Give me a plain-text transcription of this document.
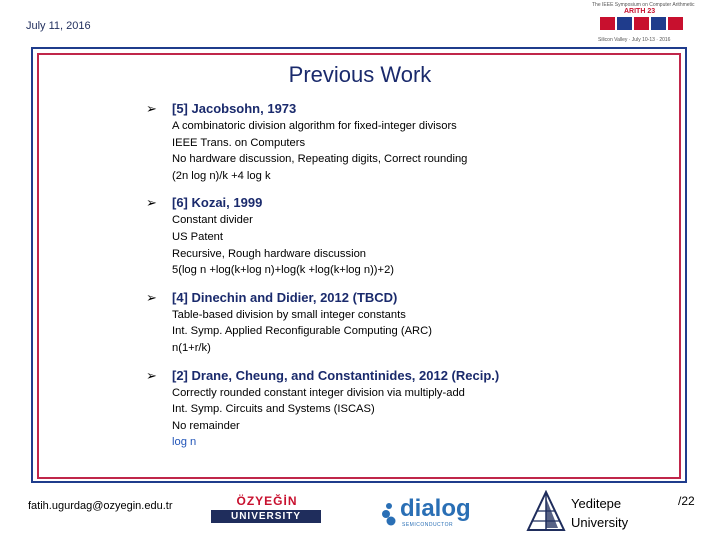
July 11, 2016
The IEEE Symposium on Computer Arithmetic
ARITH 23
Silicon Valley · July 10-13 · 2016
Previous Work
➢ [5] Jacobsohn, 1973
A combinatoric division algorithm for fixed-integer divisors
IEEE Trans. on Computers
No hardware discussion, Repeating digits, Correct rounding
(2n log n)/k +4 log k
➢ [6] Kozai, 1999
Constant divider
US Patent
Recursive, Rough hardware discussion
5(log n +log(k+log n)+log(k +log(k+log n))+2)
➢ [4] Dinechin and Didier, 2012 (TBCD)
Table-based division by small integer constants
Int. Symp. Applied Reconfigurable Computing (ARC)
n(1+r/k)
➢ [2] Drane, Cheung, and Constantinides, 2012 (Recip.)
Correctly rounded constant integer division via multiply-add
Int. Symp. Circuits and Systems (ISCAS)
No remainder
log n
fatih.ugurdag@ozyegin.edu.tr	ÖZYEĞİN
UNIVERSITY	dialog
SEMICONDUCTOR
Yeditepe
University
/22
